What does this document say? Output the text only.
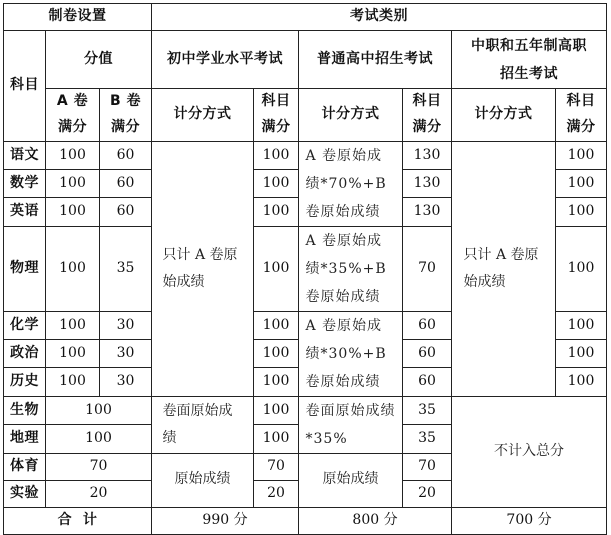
制卷设置			考试类别					
科目	分值		初中学业水平考试		普通高中招生考试		中职和五年制高职招生考试	
	A 卷满分	B 卷满分	计分方式	科目满分	计分方式	科目满分	计分方式	科目满分
语文	100	60	只计 A 卷原始成绩	100	A 卷原始成绩*70%+B 卷原始成绩	130	只计 A 卷原始成绩	100
数学	100	60		100		130		100
英语	100	60		100		130		100
物理	100	35		100	A 卷原始成绩*35%+B 卷原始成绩	70		100
化学	100	30		100	A 卷原始成绩*30%+B 卷原始成绩	60		100
政治	100	30		100		60		100
历史	100	30		100		60		100
生物	100		卷面原始成绩	100	卷面原始成绩*35%	35	不计入总分	
地理	100			100		35		
体育	70		原始成绩	70	原始成绩	70		
实验	20			20		20		
合  计			990 分		800 分		700 分	
